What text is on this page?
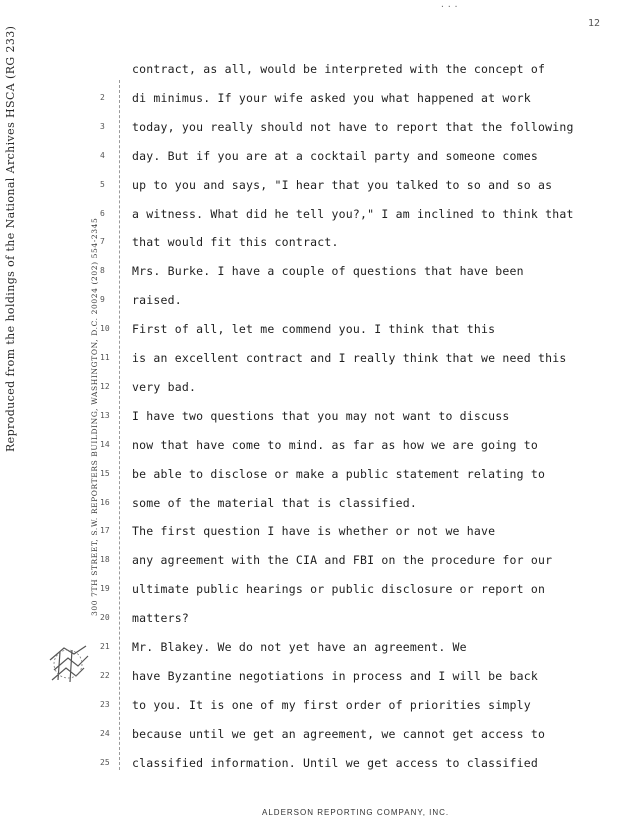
Reproduced from the holdings of the National Archives HSCA (RG 233)	300 7TH STREET, S.W. REPORTERS BUILDING, WASHINGTON, D.C. 20024 (202) 554-2345
...
12
contract, as all, would be interpreted with the concept of
2 di minimus. If your wife asked you what happened at work
3 today, you really should not have to report that the following
4 day. But if you are at a cocktail party and someone comes
5 up to you and says, "I hear that you talked to so and so as
6 a witness. What did he tell you?," I am inclined to think that
7 that would fit this contract.
8 Mrs. Burke. I have a couple of questions that have been
9 raised.
10 First of all, let me commend you. I think that this
11 is an excellent contract and I really think that we need this
12 very bad.
13 I have two questions that you may not want to discuss
14 now that have come to mind. as far as how we are going to
15 be able to disclose or make a public statement relating to
16 some of the material that is classified.
17 The first question I have is whether or not we have
18 any agreement with the CIA and FBI on the procedure for our
19 ultimate public hearings or public disclosure or report on
20 matters?
21 Mr. Blakey. We do not yet have an agreement. We
22 have Byzantine negotiations in process and I will be back
23 to you. It is one of my first order of priorities simply
24 because until we get an agreement, we cannot get access to
25 classified information. Until we get access to classified
ALDERSON REPORTING COMPANY, INC.
